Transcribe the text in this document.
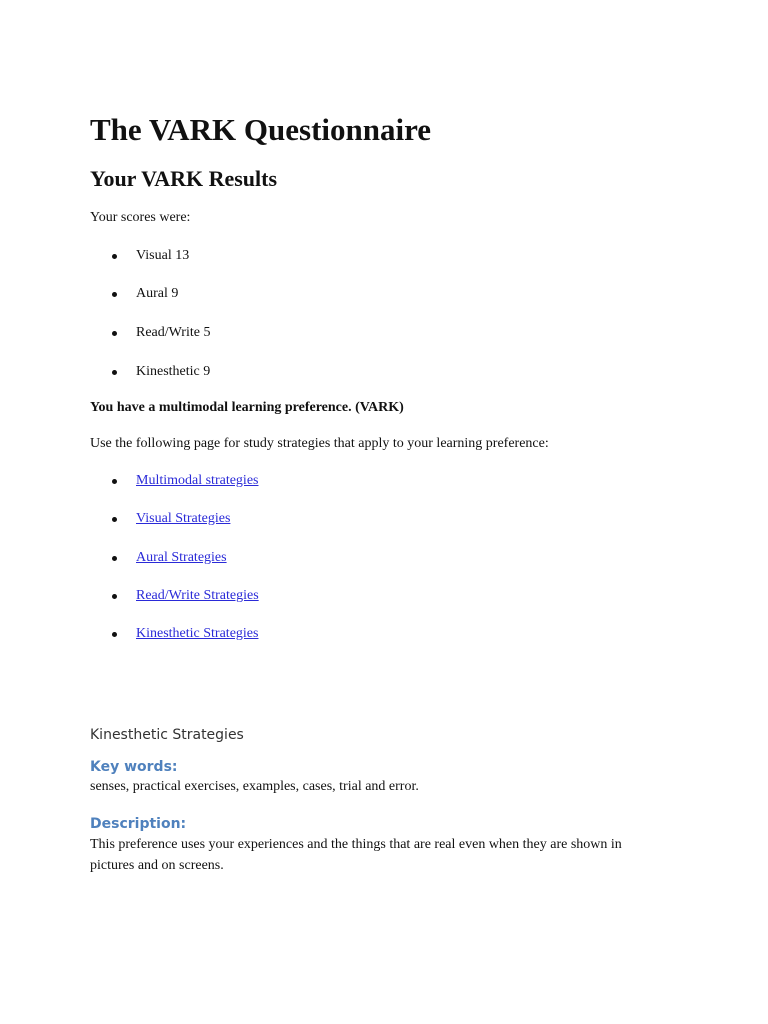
The VARK Questionnaire
Your VARK Results
Your scores were:
Visual 13
Aural 9
Read/Write 5
Kinesthetic 9
You have a multimodal learning preference. (VARK)
Use the following page for study strategies that apply to your learning preference:
Multimodal strategies
Visual Strategies
Aural Strategies
Read/Write Strategies
Kinesthetic Strategies
Kinesthetic Strategies
Key words:
senses, practical exercises, examples, cases, trial and error.
Description:
This preference uses your experiences and the things that are real even when they are shown in
pictures and on screens.
